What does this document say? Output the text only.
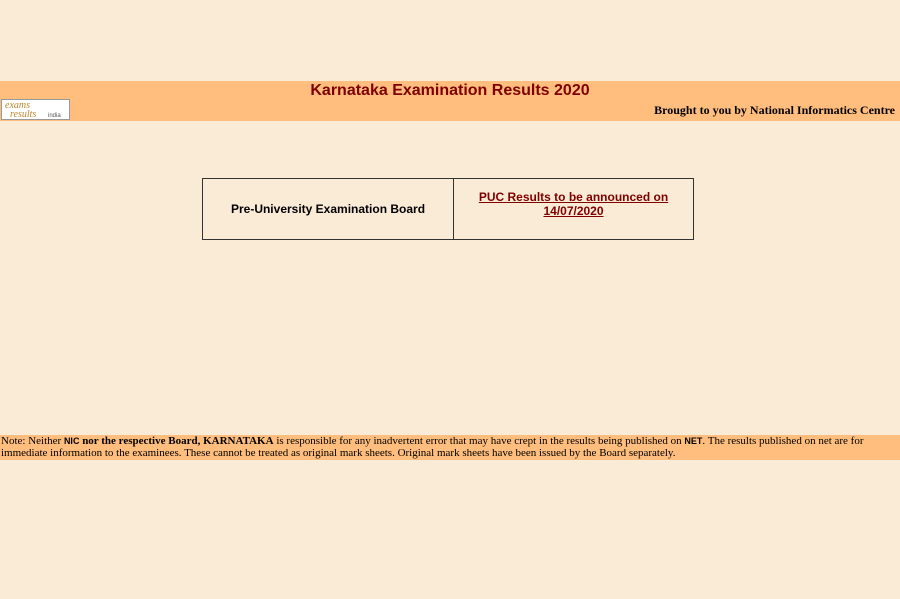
Karnataka Examination Results 2020
exams
results india	Brought to you by National Informatics Centre
Pre-University Examination Board
PUC Results to be announced on 14/07/2020
Note: Neither NIC nor the respective Board, KARNATAKA is responsible for any inadvertent error that may have crept in the results being published on NET. The results published on net are for immediate information to the examinees. These cannot be treated as original mark sheets. Original mark sheets have been issued by the Board separately.
